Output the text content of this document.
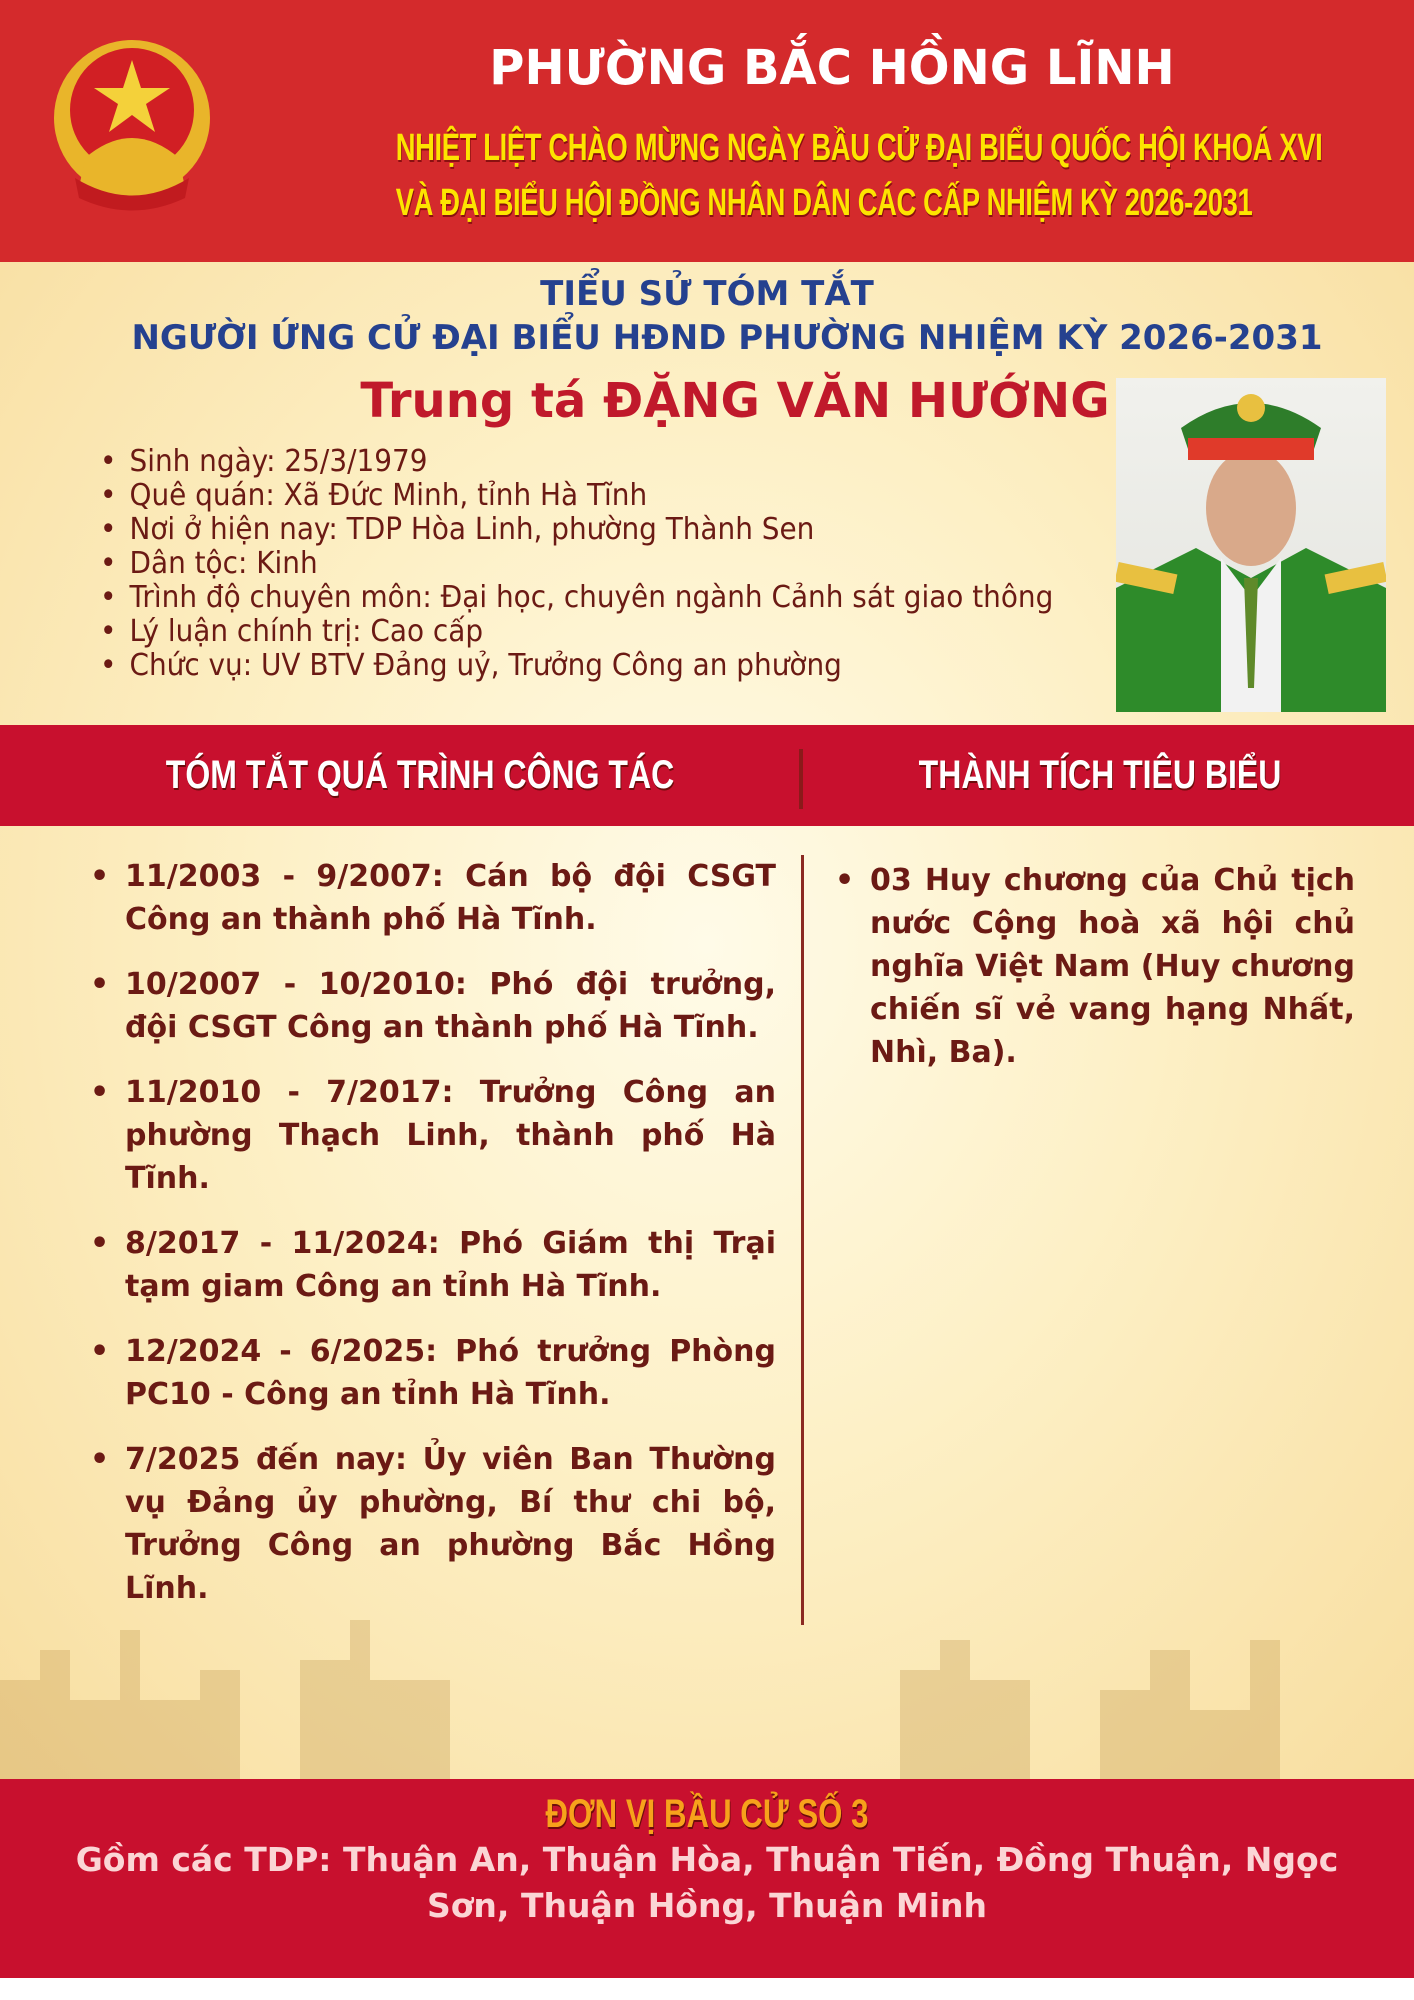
PHƯỜNG BẮC HỒNG LĨNH
NHIỆT LIỆT CHÀO MỪNG NGÀY BẦU CỬ ĐẠI BIỂU QUỐC HỘI KHOÁ XVI
VÀ ĐẠI BIỂU HỘI ĐỒNG NHÂN DÂN CÁC CẤP NHIỆM KỲ 2026-2031
TIỂU SỬ TÓM TẮT
NGƯỜI ỨNG CỬ ĐẠI BIỂU HĐND PHƯỜNG NHIỆM KỲ 2026-2031
Trung tá ĐẶNG VĂN HƯỚNG
• Sinh ngày: 25/3/1979
• Quê quán: Xã Đức Minh, tỉnh Hà Tĩnh
• Nơi ở hiện nay: TDP Hòa Linh, phường Thành Sen
• Dân tộc: Kinh
• Trình độ chuyên môn: Đại học, chuyên ngành Cảnh sát giao thông
• Lý luận chính trị: Cao cấp
• Chức vụ: UV BTV Đảng uỷ, Trưởng Công an phường
TÓM TẮT QUÁ TRÌNH CÔNG TÁC	THÀNH TÍCH TIÊU BIỂU
• 11/2003 - 9/2007: Cán bộ đội CSGT Công an thành phố Hà Tĩnh.
• 10/2007 - 10/2010: Phó đội trưởng, đội CSGT Công an thành phố Hà Tĩnh.
• 11/2010 - 7/2017: Trưởng Công an phường Thạch Linh, thành phố Hà Tĩnh.
• 8/2017 - 11/2024: Phó Giám thị Trại tạm giam Công an tỉnh Hà Tĩnh.
• 12/2024 - 6/2025: Phó trưởng Phòng PC10 - Công an tỉnh Hà Tĩnh.
• 7/2025 đến nay: Ủy viên Ban Thường vụ Đảng ủy phường, Bí thư chi bộ, Trưởng Công an phường Bắc Hồng Lĩnh.
• 03 Huy chương của Chủ tịch nước Cộng hoà xã hội chủ nghĩa Việt Nam (Huy chương chiến sĩ vẻ vang hạng Nhất, Nhì, Ba).
ĐƠN VỊ BẦU CỬ SỐ 3
Gồm các TDP: Thuận An, Thuận Hòa, Thuận Tiến, Đồng Thuận, Ngọc Sơn, Thuận Hồng, Thuận Minh
